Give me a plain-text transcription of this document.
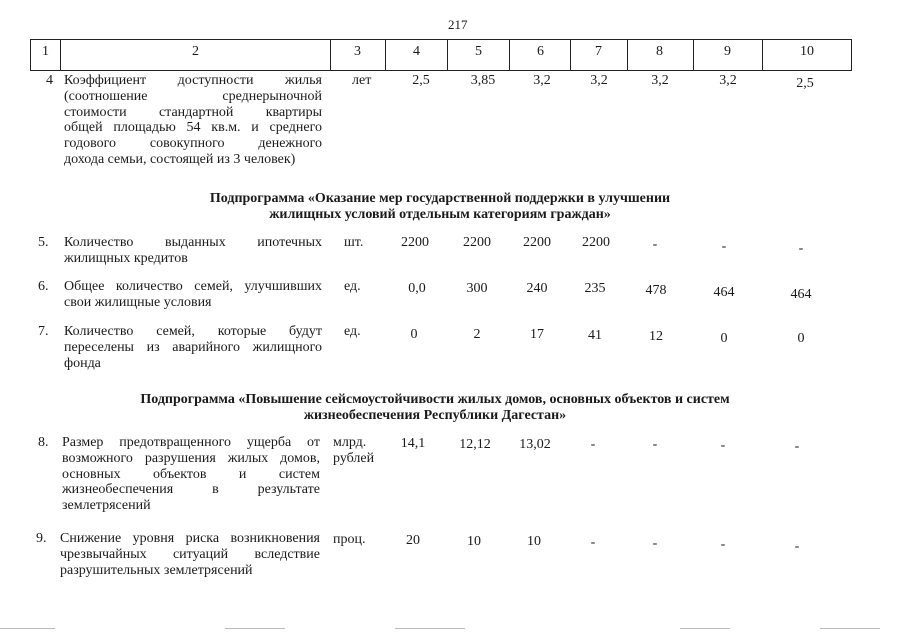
217
1	2	3	4	5	6	7	8	9	10
4 Коэффициент доступности жилья
(соотношение среднерыночной
стоимости стандартной квартиры
общей площадью 54 кв.м. и среднего
годового совокупного денежного
дохода семьи, состоящей из 3 человек)
лет	2,5	3,85	3,2	3,2	3,2	3,2	2,5
Подпрограмма «Оказание мер государственной поддержки в улучшении
жилищных условий отдельным категориям граждан»
5. Количество выданных ипотечных
жилищных кредитов
шт.	2200	2200	2200	2200	-	-	-
6. Общее количество семей, улучшивших
свои жилищные условия
ед.	0,0	300	240	235	478	464	464
7. Количество семей, которые будут
переселены из аварийного жилищного
фонда
ед.	0	2	17	41	12	0	0
Подпрограмма «Повышение сейсмоустойчивости жилых домов, основных объектов и систем
жизнеобеспечения Республики Дагестан»
8. Размер предотвращенного ущерба от
возможного разрушения жилых домов,
основных объектов и систем
жизнеобеспечения в результате
землетрясений
млрд.
рублей
14,1	12,12	13,02	-	-	-	-
9. Снижение уровня риска возникновения
чрезвычайных ситуаций вследствие
разрушительных землетрясений
проц.	20	10	10	-	-	-	-
